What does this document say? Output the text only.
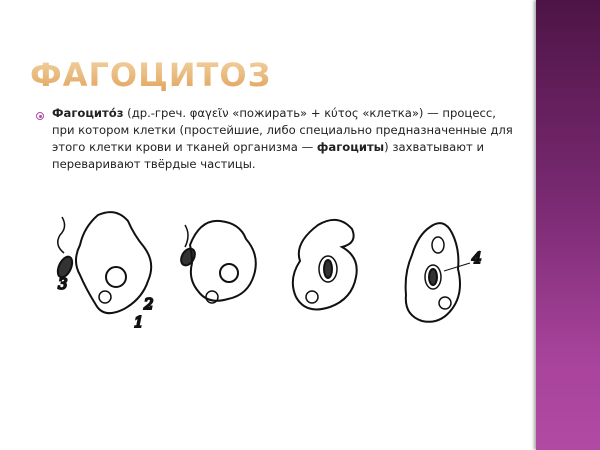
ФАГОЦИТОЗ
Фагоцито́з (др.-греч. φαγεῖν «пожирать» + κύτος «клетка») — процесс, при котором клетки (простейшие, либо специально предназначенные для этого клетки крови и тканей организма — фагоциты) захватывают и переваривают твёрдые частицы.
3
2
1
4
